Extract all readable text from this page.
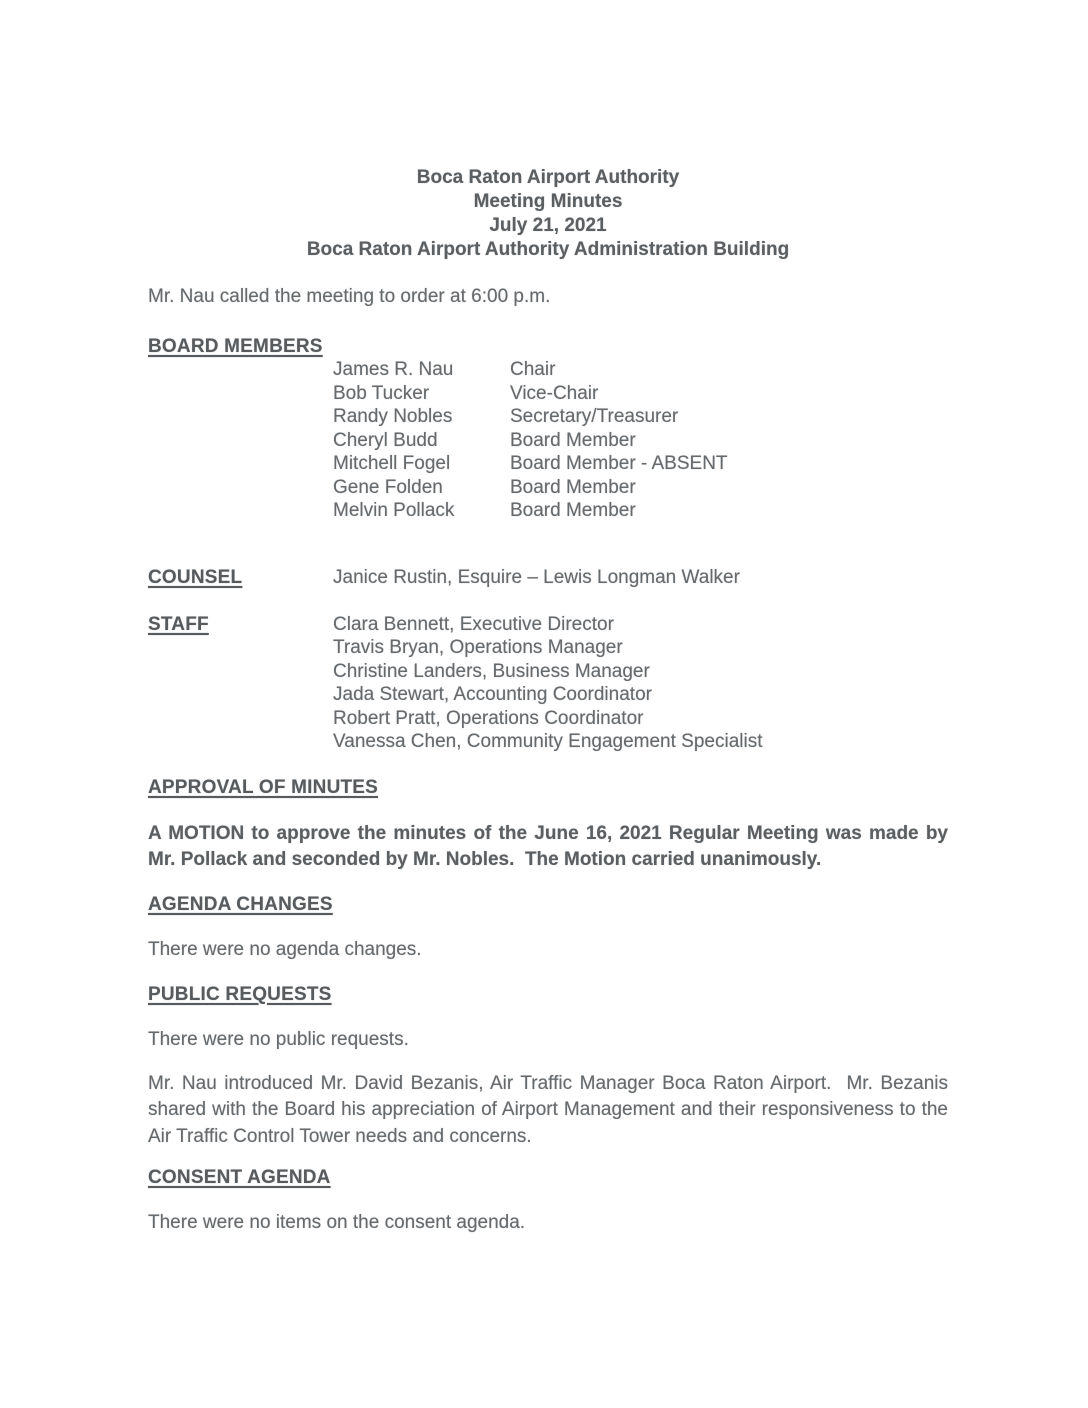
Boca Raton Airport Authority
Meeting Minutes
July 21, 2021
Boca Raton Airport Authority Administration Building
Mr. Nau called the meeting to order at 6:00 p.m.
BOARD MEMBERS
James R. Nau	Chair
Bob Tucker	Vice-Chair
Randy Nobles	Secretary/Treasurer
Cheryl Budd	Board Member
Mitchell Fogel	Board Member - ABSENT
Gene Folden	Board Member
Melvin Pollack	Board Member
COUNSEL	Janice Rustin, Esquire – Lewis Longman Walker
STAFF	Clara Bennett, Executive Director
Travis Bryan, Operations Manager
Christine Landers, Business Manager
Jada Stewart, Accounting Coordinator
Robert Pratt, Operations Coordinator
Vanessa Chen, Community Engagement Specialist
APPROVAL OF MINUTES
A MOTION to approve the minutes of the June 16, 2021 Regular Meeting was made by Mr. Pollack and seconded by Mr. Nobles.  The Motion carried unanimously.
AGENDA CHANGES
There were no agenda changes.
PUBLIC REQUESTS
There were no public requests.
Mr. Nau introduced Mr. David Bezanis, Air Traffic Manager Boca Raton Airport.  Mr. Bezanis shared with the Board his appreciation of Airport Management and their responsiveness to the Air Traffic Control Tower needs and concerns.
CONSENT AGENDA
There were no items on the consent agenda.
